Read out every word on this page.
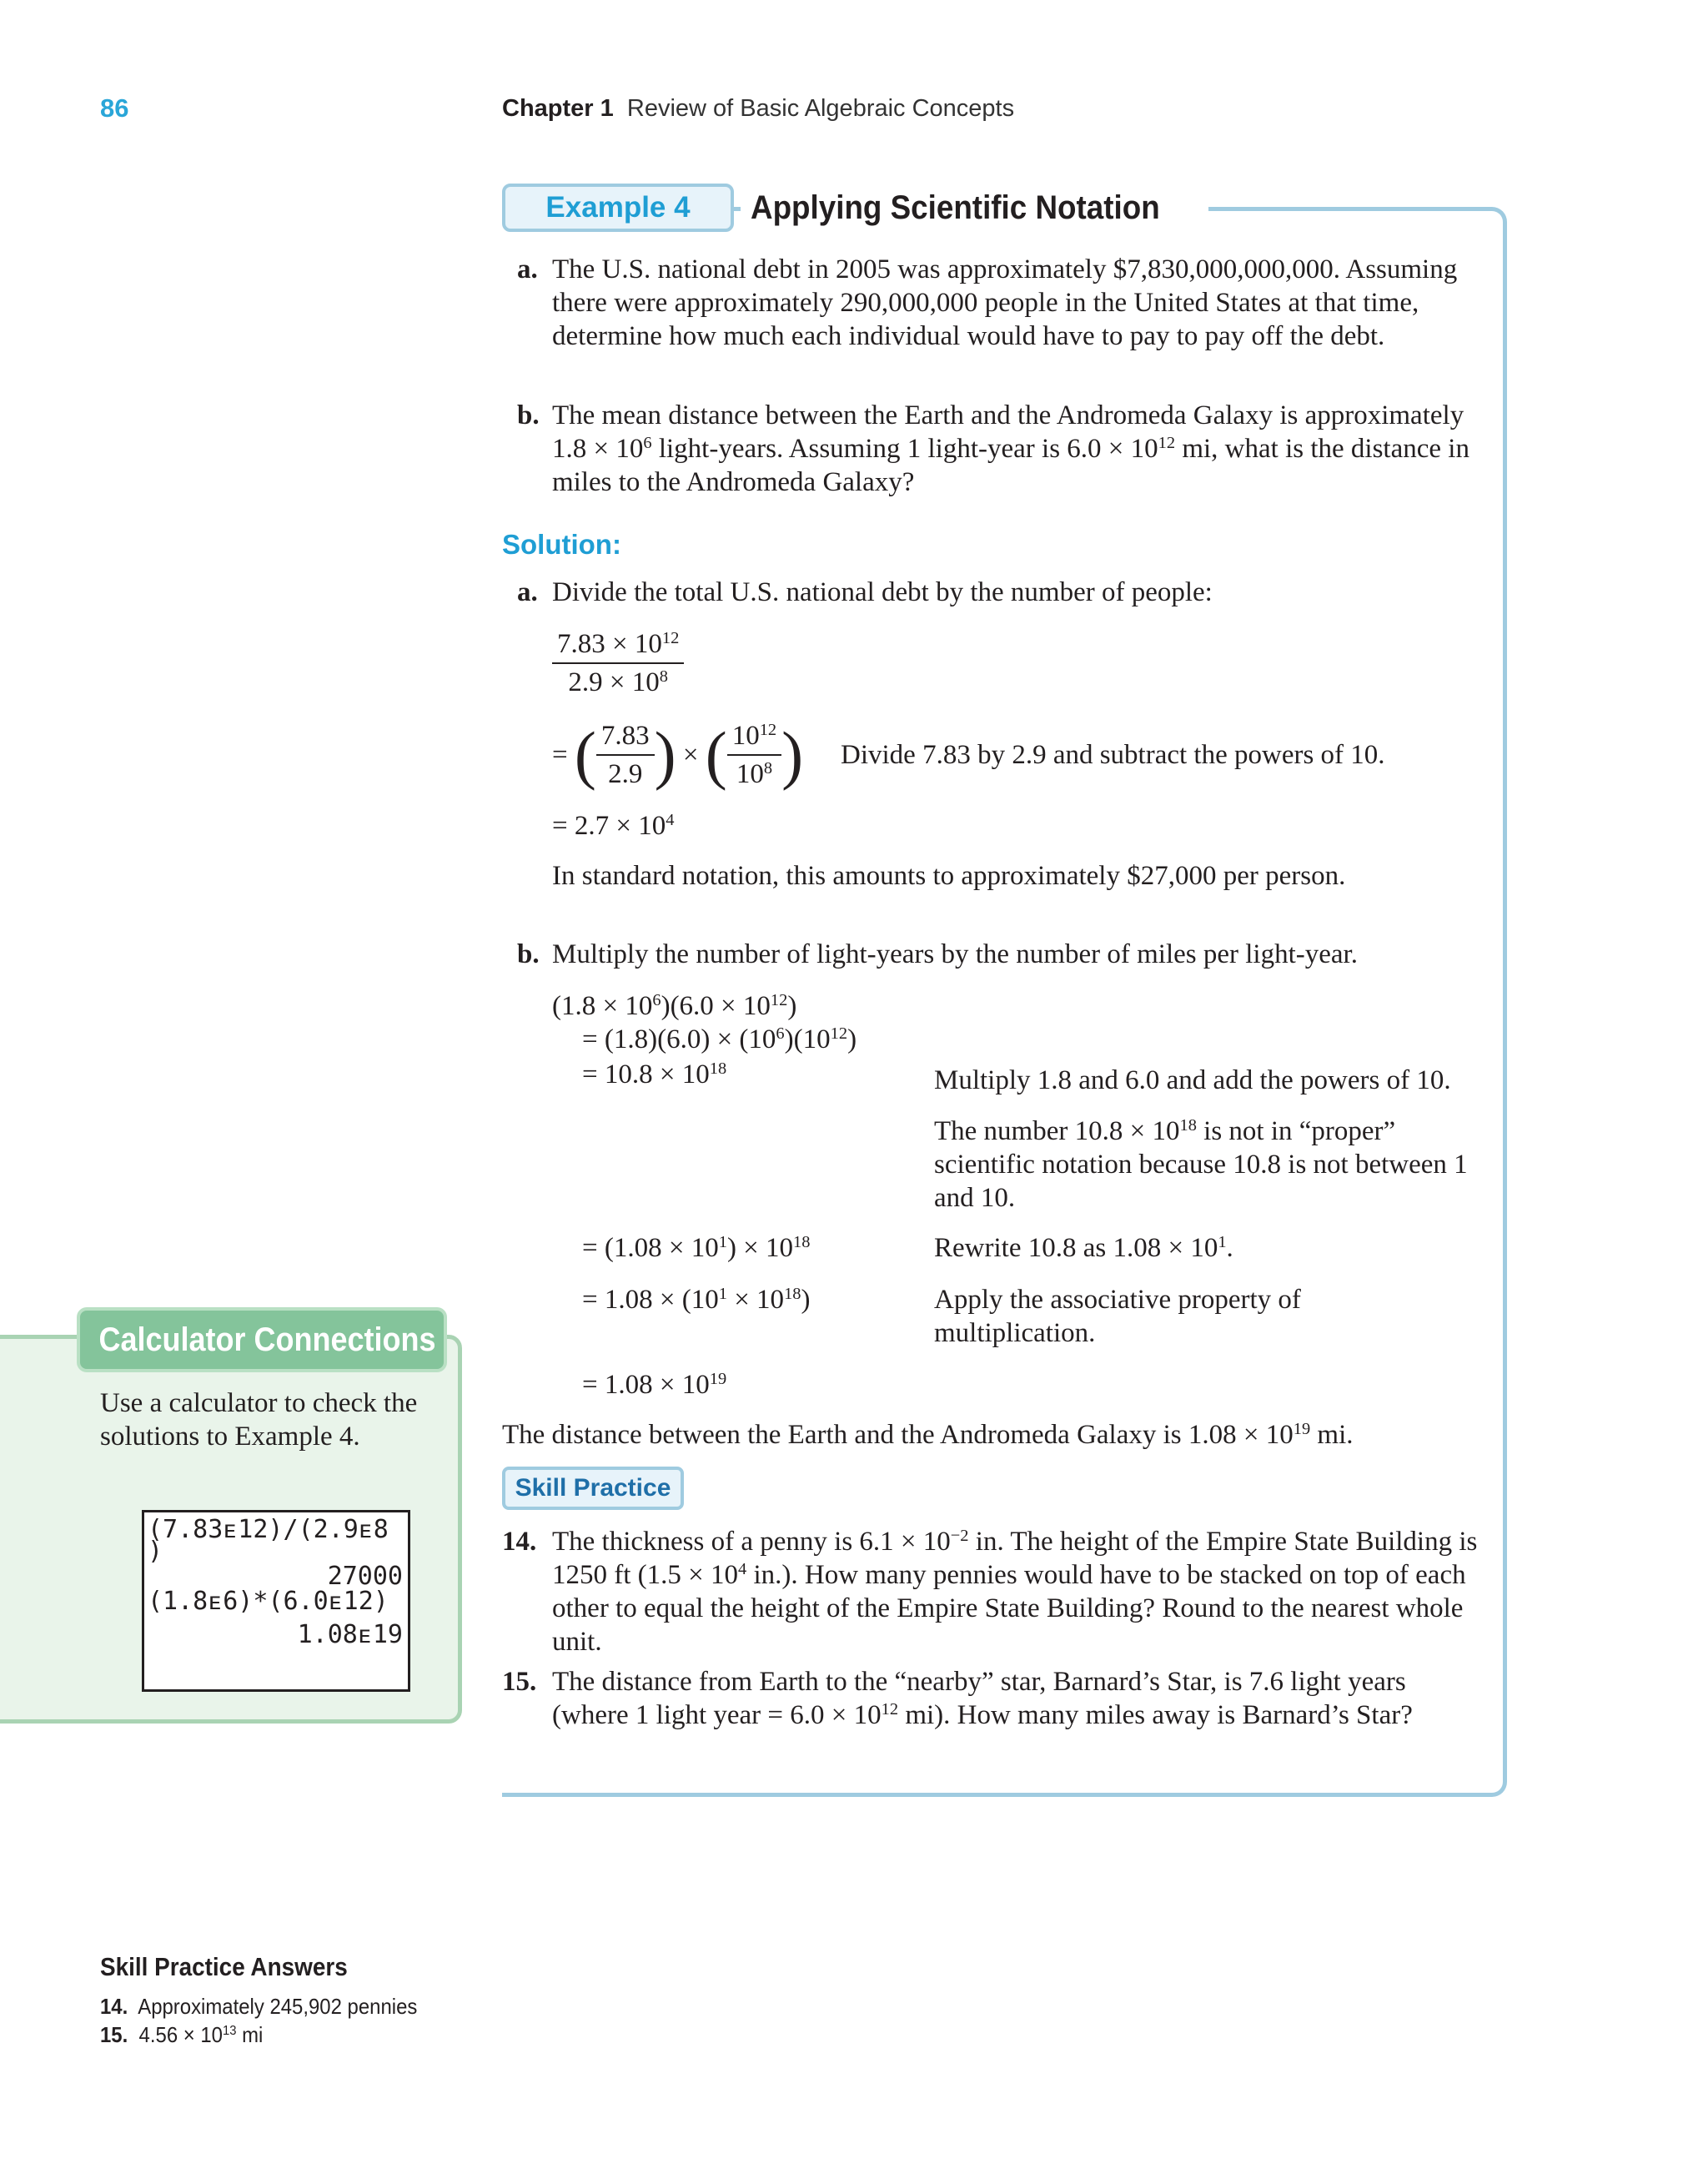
86	Chapter 1 Review of Basic Algebraic Concepts
Example 4	Applying Scientific Notation
a. The U.S. national debt in 2005 was approximately $7,830,000,000,000. Assuming there were approximately 290,000,000 people in the United States at that time, determine how much each individual would have to pay to pay off the debt.
b. The mean distance between the Earth and the Andromeda Galaxy is approximately $1.8 \times 10^6$ light-years. Assuming 1 light-year is $6.0 \times 10^{12}$ mi, what is the distance in miles to the Andromeda Galaxy?
Solution:
Divide the total U.S. national debt by the number of people:
a.
$\frac{7.83 \times 10^{12}}{2.9 \times 10^8}$
= ( $\frac{7.83}{2.9}$ ) × ( $\frac{10^{12}}{10^8}$ ) Divide 7.83 by 2.9 and subtract the powers of 10.
= $2.7 \times 10^4$
In standard notation, this amounts to approximately $27,000 per person.
b. Multiply the number of light-years by the number of miles per light-year.
$(1.8 \times 10^6)(6.0 \times 10^{12})$
= $(1.8)(6.0) \times (10^6)(10^{12})$
= $10.8 \times 10^{18}$	Multiply 1.8 and 6.0 and add the powers of 10.
The number $10.8 \times 10^{18}$ is not in “proper” scientific notation because 10.8 is not between 1 and 10.
= $(1.08 \times 10^1) \times 10^{18}$	Rewrite 10.8 as $1.08 \times 10^1$.
= $1.08 \times (10^1 \times 10^{18})$	Apply the associative property of multiplication.
= $1.08 \times 10^{19}$
The distance between the Earth and the Andromeda Galaxy is $1.08 \times 10^{19}$ mi.
Skill Practice
14. The thickness of a penny is $6.1 \times 10^{-2}$ in. The height of the Empire State Building is 1250 ft ($1.5 \times 10^4$ in.). How many pennies would have to be stacked on top of each other to equal the height of the Empire State Building? Round to the nearest whole unit.
15. The distance from Earth to the “nearby” star, Barnard’s Star, is 7.6 light years (where 1 light year = $6.0 \times 10^{12}$ mi). How many miles away is Barnard’s Star?
Calculator Connections
Use a calculator to check the solutions to Example 4.
(7.83ᴇ12)/(2.9ᴇ8
)
27000
(1.8ᴇ6)*(6.0ᴇ12)
1.08ᴇ19
Skill Practice Answers
14. Approximately 245,902 pennies
15. $4.56 \times 10^{13}$ mi
